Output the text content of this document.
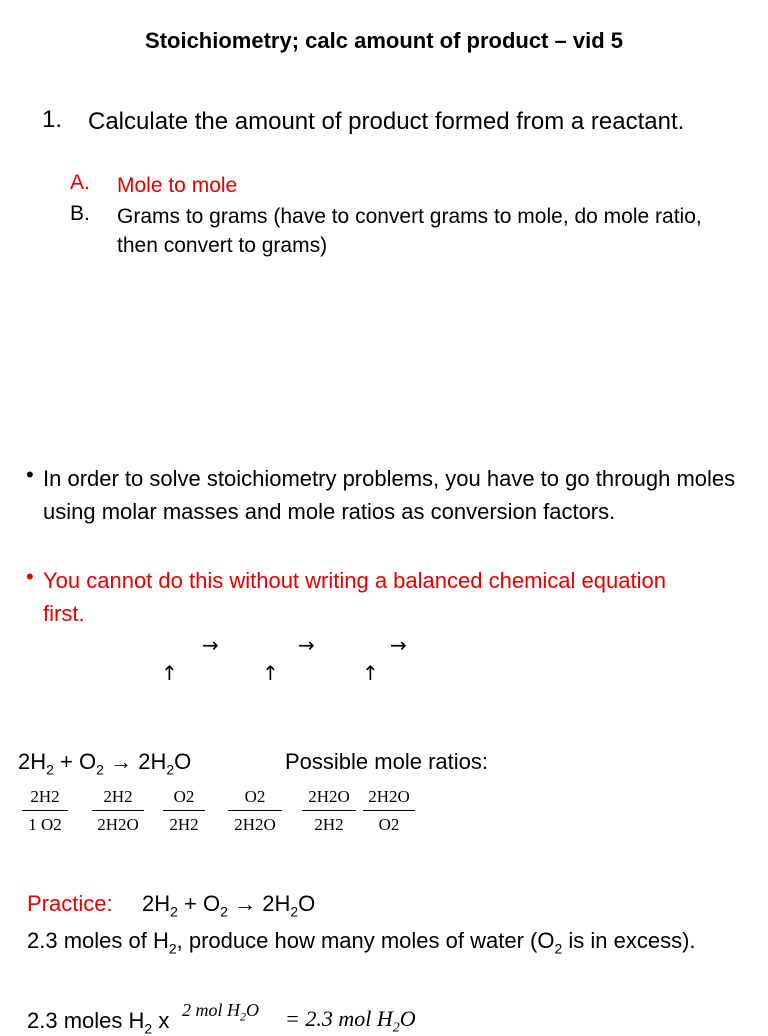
Stoichiometry; calc amount of product – vid 5
1. Calculate the amount of product formed from a reactant.
A. Mole to mole
B. Grams to grams (have to convert grams to mole, do mole ratio, then convert to grams)
• In order to solve stoichiometry problems, you have to go through moles using molar masses and mole ratios as conversion factors.
• You cannot do this without writing a balanced chemical equation first.
→	→	→
↑	↑	↑
$2H_2 + O_2 \to 2H_2O$	Possible mole ratios:
$\frac{2H2}{1 O2} \frac{2H2}{2H2O} \frac{O2}{2H2} \frac{O2}{2H2O} \frac{2H2O}{2H2} \frac{2H2O}{O2}$
Practice: $2H_2 + O_2 \to 2H_2O$
2.3 moles of $H_2$, produce how many moles of water ($O_2$ is in excess).
2.3 moles $H_2$ x 2 mol $H_2O = 2.3$ mol $H_2O$
